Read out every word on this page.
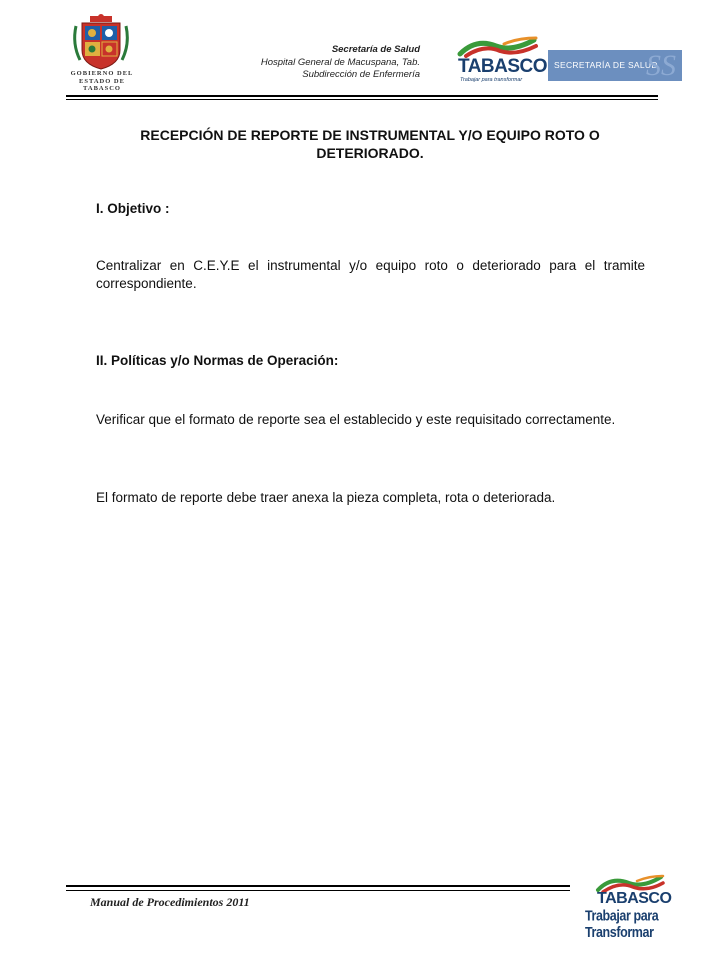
GOBIERNO DEL ESTADO DE TABASCO
Secretaría de Salud
Hospital General de Macuspana, Tab.
Subdirección de Enfermería TABASCO
Trabajar para transformar
SECRETARÍA DE SALUD
SS
RECEPCIÓN DE REPORTE DE INSTRUMENTAL Y/O EQUIPO ROTO O DETERIORADO.
I. Objetivo :
Centralizar en C.E.Y.E el instrumental y/o equipo roto o deteriorado para el tramite correspondiente.
II. Políticas y/o Normas de Operación:
Verificar que el formato de reporte sea el establecido y este requisitado correctamente.
El formato de reporte debe traer anexa la pieza completa, rota o deteriorada.
Manual de Procedimientos 2011	TABASCO
Trabajar para Transformar
